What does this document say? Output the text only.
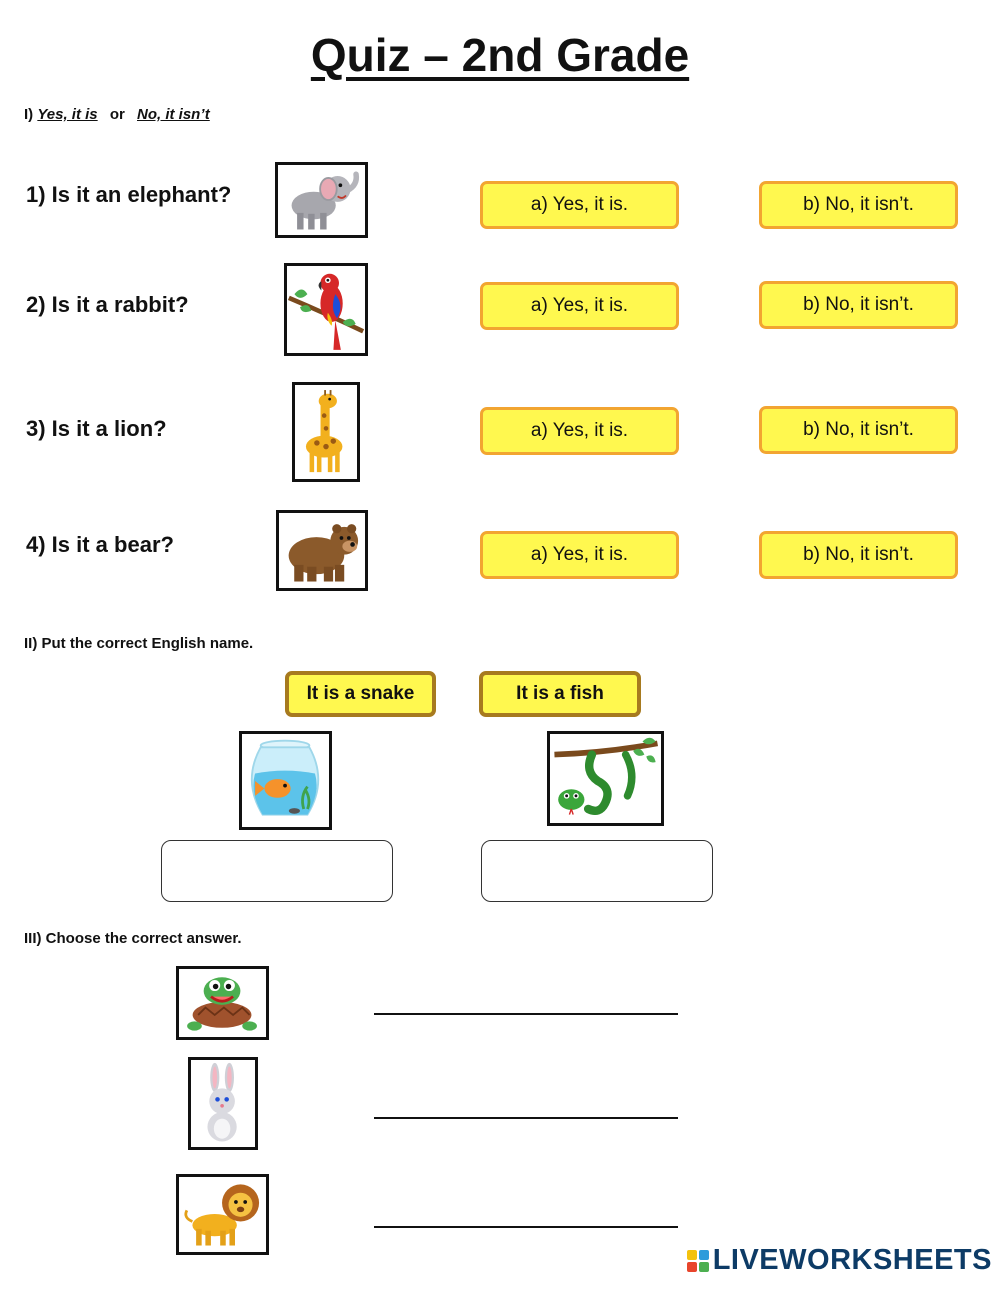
Quiz – 2nd Grade
I) Yes, it is or No, it isn’t
1) Is it an elephant?	a) Yes, it is.	b) No, it isn’t.
2) Is it a rabbit?	a) Yes, it is.	b) No, it isn’t.
3) Is it a lion?	a) Yes, it is.	b) No, it isn’t.
4) Is it a bear?	a) Yes, it is.	b) No, it isn’t.
II) Put the correct English name.
It is a snake	It is a fish
III) Choose the correct answer.
LIVEWORKSHEETS
